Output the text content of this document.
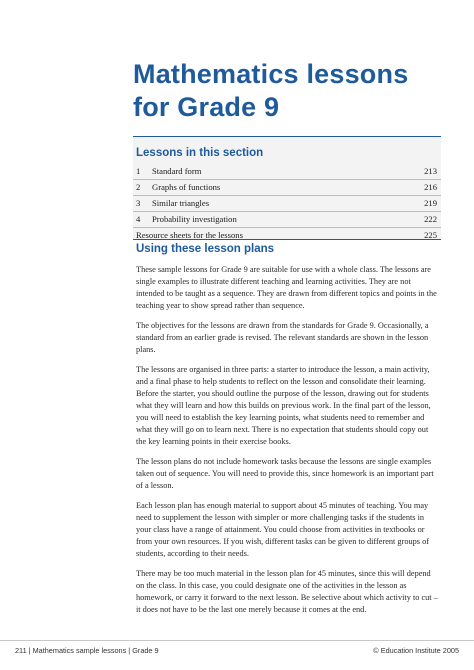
Mathematics lessons
for Grade 9
Lessons in this section
1 Standard form	213
2 Graphs of functions	216
3 Similar triangles	219
4 Probability investigation	222
Resource sheets for the lessons	225
Using these lesson plans

These sample lessons for Grade 9 are suitable for use with a whole class. The lessons are single examples to illustrate different teaching and learning activities. They are not intended to be taught as a sequence. They are drawn from different topics and points in the teaching year to show spread rather than sequence.

The objectives for the lessons are drawn from the standards for Grade 9. Occasionally, a standard from an earlier grade is revised. The relevant standards are shown in the lesson plans.

The lessons are organised in three parts: a starter to introduce the lesson, a main activity, and a final phase to help students to reflect on the lesson and consolidate their learning. Before the starter, you should outline the purpose of the lesson, drawing out for students what they will learn and how this builds on previous work. In the final part of the lesson, you will need to establish the key learning points, what students need to remember and what they will go on to learn next. There is no expectation that students should copy out the key learning points in their exercise books.

The lesson plans do not include homework tasks because the lessons are single examples taken out of sequence. You will need to provide this, since homework is an important part of a lesson.

Each lesson plan has enough material to support about 45 minutes of teaching. You may need to supplement the lesson with simpler or more challenging tasks if the students in your class have a range of attainment. You could choose from activities in textbooks or from your own resources. If you wish, different tasks can be given to different groups of students, according to their needs.

There may be too much material in the lesson plan for 45 minutes, since this will depend on the class. In this case, you could designate one of the activities in the lesson as homework, or carry it forward to the next lesson. Be selective about which activity to cut – it does not have to be the last one merely because it comes at the end.

211 | Mathematics sample lessons | Grade 9	© Education Institute 2005
